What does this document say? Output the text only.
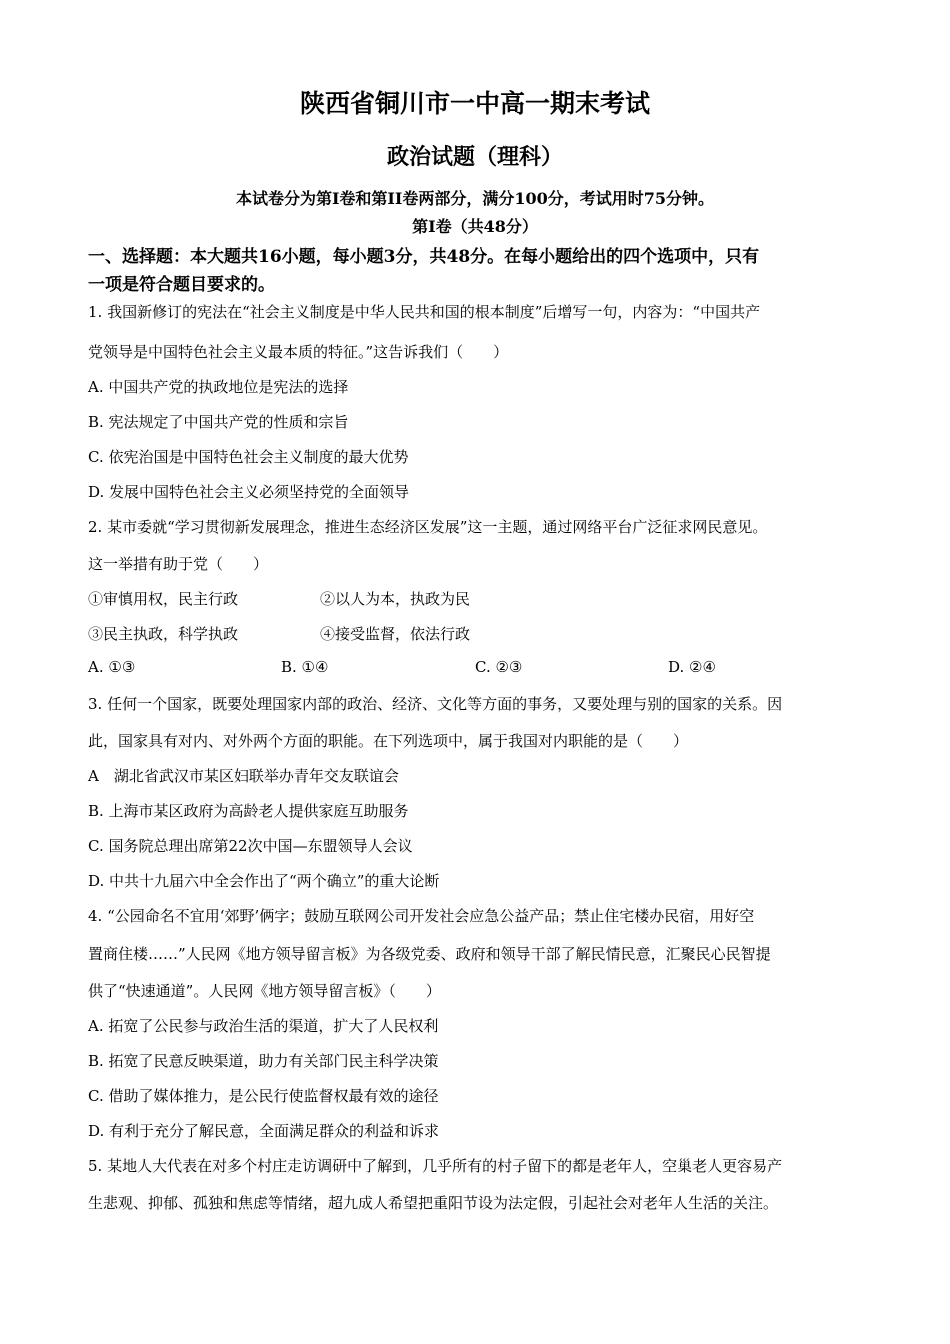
陕西省铜川市一中高一期末考试
政治试题（理科）
本试卷分为第I卷和第II卷两部分，满分100分，考试用时75分钟。
第I卷（共48分）
一、选择题：本大题共16小题，每小题3分，共48分。在每小题给出的四个选项中，只有
一项是符合题目要求的。
1. 我国新修订的宪法在“社会主义制度是中华人民共和国的根本制度”后增写一句，内容为：“中国共产
党领导是中国特色社会主义最本质的特征。”这告诉我们（　　）
A. 中国共产党的执政地位是宪法的选择
B. 宪法规定了中国共产党的性质和宗旨
C. 依宪治国是中国特色社会主义制度的最大优势
D. 发展中国特色社会主义必须坚持党的全面领导
2. 某市委就“学习贯彻新发展理念，推进生态经济区发展”这一主题，通过网络平台广泛征求网民意见。
这一举措有助于党（　　）
①审慎用权，民主行政	②以人为本，执政为民
③民主执政，科学执政	④接受监督，依法行政
A. ①③	B. ①④	C. ②③	D. ②④
3. 任何一个国家，既要处理国家内部的政治、经济、文化等方面的事务，又要处理与别的国家的关系。因
此，国家具有对内、对外两个方面的职能。在下列选项中，属于我国对内职能的是（　　）
A　湖北省武汉市某区妇联举办青年交友联谊会
B. 上海市某区政府为高龄老人提供家庭互助服务
C. 国务院总理出席第22次中国—东盟领导人会议
D. 中共十九届六中全会作出了“两个确立”的重大论断
4. “公园命名不宜用‘郊野’俩字；鼓励互联网公司开发社会应急公益产品；禁止住宅楼办民宿，用好空
置商住楼……”人民网《地方领导留言板》为各级党委、政府和领导干部了解民情民意，汇聚民心民智提
供了“快速通道”。人民网《地方领导留言板》（　　）
A. 拓宽了公民参与政治生活的渠道，扩大了人民权利
B. 拓宽了民意反映渠道，助力有关部门民主科学决策
C. 借助了媒体推力，是公民行使监督权最有效的途径
D. 有利于充分了解民意，全面满足群众的利益和诉求
5. 某地人大代表在对多个村庄走访调研中了解到，几乎所有的村子留下的都是老年人，空巢老人更容易产
生悲观、抑郁、孤独和焦虑等情绪，超九成人希望把重阳节设为法定假，引起社会对老年人生活的关注。
